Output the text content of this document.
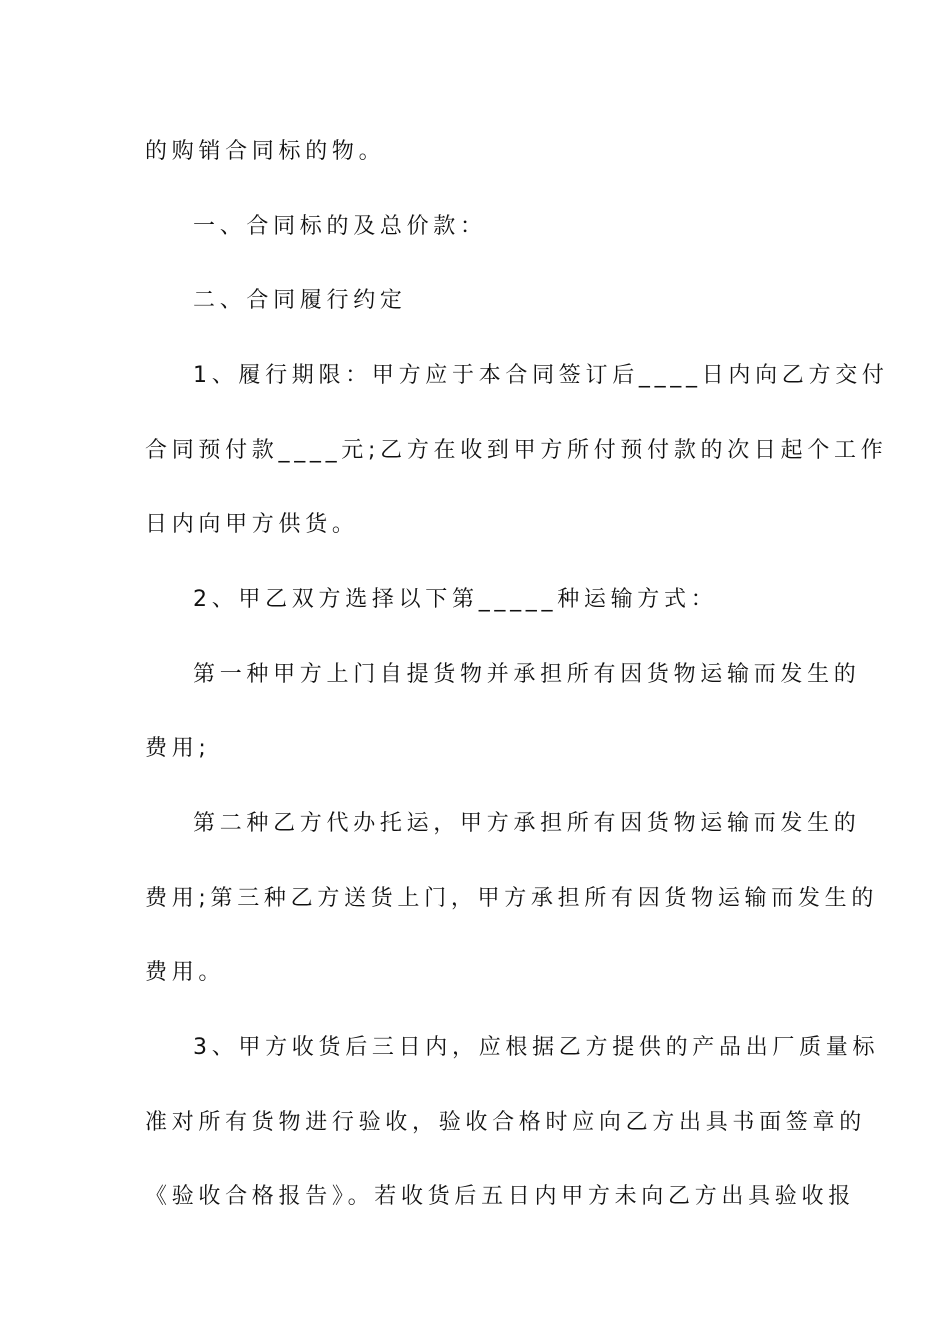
的购销合同标的物。
一、合同标的及总价款：
二、合同履行约定
1、履行期限：甲方应于本合同签订后____日内向乙方交付
合同预付款____元;乙方在收到甲方所付预付款的次日起个工作
日内向甲方供货。
2、甲乙双方选择以下第_____种运输方式：
第一种甲方上门自提货物并承担所有因货物运输而发生的
费用;
第二种乙方代办托运，甲方承担所有因货物运输而发生的
费用;第三种乙方送货上门，甲方承担所有因货物运输而发生的
费用。
3、甲方收货后三日内，应根据乙方提供的产品出厂质量标
准对所有货物进行验收，验收合格时应向乙方出具书面签章的
《验收合格报告》。若收货后五日内甲方未向乙方出具验收报
